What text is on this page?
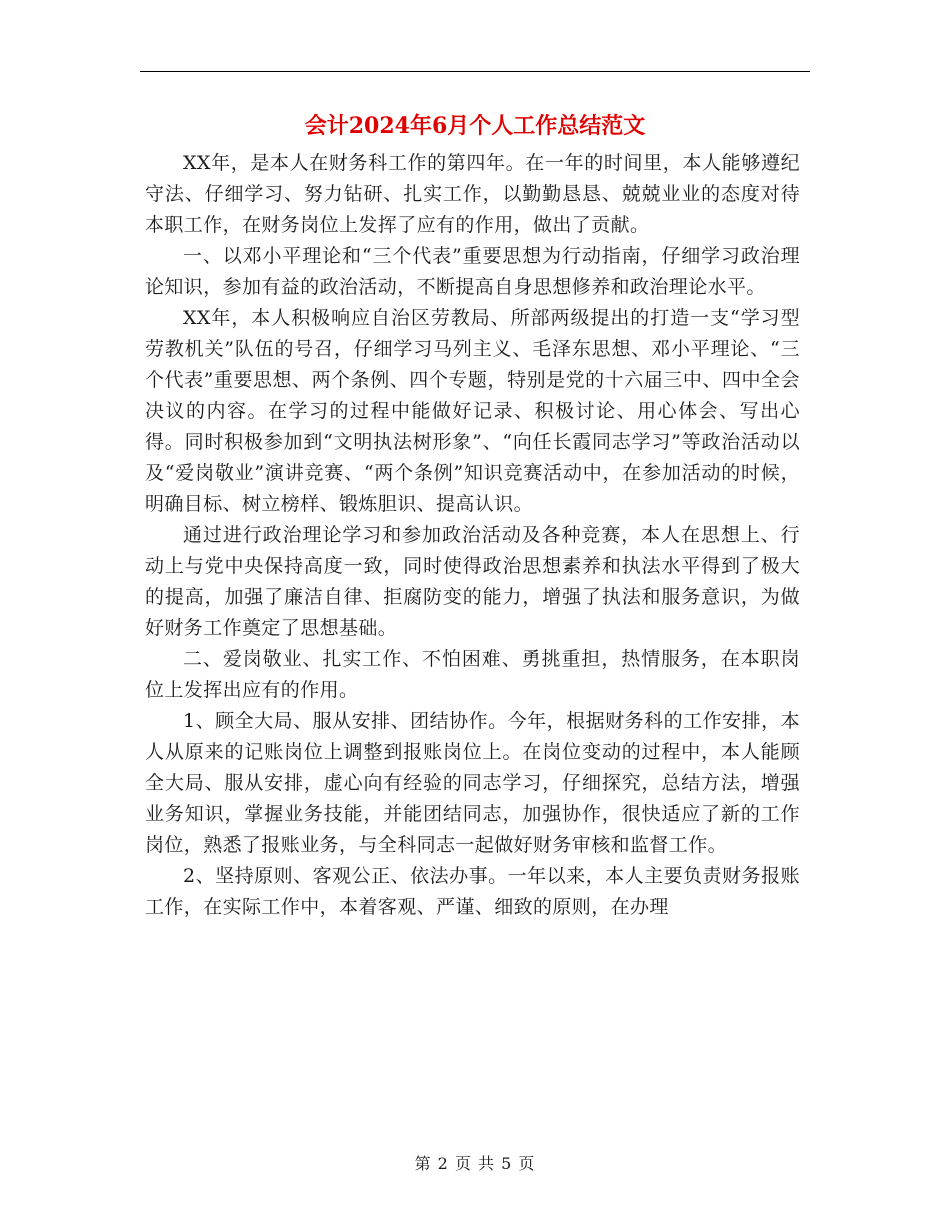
会计2024年6月个人工作总结范文

XX年，是本人在财务科工作的第四年。在一年的时间里，本人能够遵纪守法、仔细学习、努力钻研、扎实工作，以勤勤恳恳、兢兢业业的态度对待本职工作，在财务岗位上发挥了应有的作用，做出了贡献。

一、以邓小平理论和“三个代表”重要思想为行动指南，仔细学习政治理论知识，参加有益的政治活动，不断提高自身思想修养和政治理论水平。

XX年，本人积极响应自治区劳教局、所部两级提出的打造一支“学习型劳教机关”队伍的号召，仔细学习马列主义、毛泽东思想、邓小平理论、“三个代表”重要思想、两个条例、四个专题，特别是党的十六届三中、四中全会决议的内容。在学习的过程中能做好记录、积极讨论、用心体会、写出心得。同时积极参加到“文明执法树形象”、“向任长霞同志学习”等政治活动以及“爱岗敬业”演讲竞赛、“两个条例”知识竞赛活动中，在参加活动的时候，明确目标、树立榜样、锻炼胆识、提高认识。

通过进行政治理论学习和参加政治活动及各种竞赛，本人在思想上、行动上与党中央保持高度一致，同时使得政治思想素养和执法水平得到了极大的提高，加强了廉洁自律、拒腐防变的能力，增强了执法和服务意识，为做好财务工作奠定了思想基础。

二、爱岗敬业、扎实工作、不怕困难、勇挑重担，热情服务，在本职岗位上发挥出应有的作用。

1、顾全大局、服从安排、团结协作。今年，根据财务科的工作安排，本人从原来的记账岗位上调整到报账岗位上。在岗位变动的过程中，本人能顾全大局、服从安排，虚心向有经验的同志学习，仔细探究，总结方法，增强业务知识，掌握业务技能，并能团结同志，加强协作，很快适应了新的工作岗位，熟悉了报账业务，与全科同志一起做好财务审核和监督工作。

2、坚持原则、客观公正、依法办事。一年以来，本人主要负责财务报账工作，在实际工作中，本着客观、严谨、细致的原则，在办理

第 2 页 共 5 页
